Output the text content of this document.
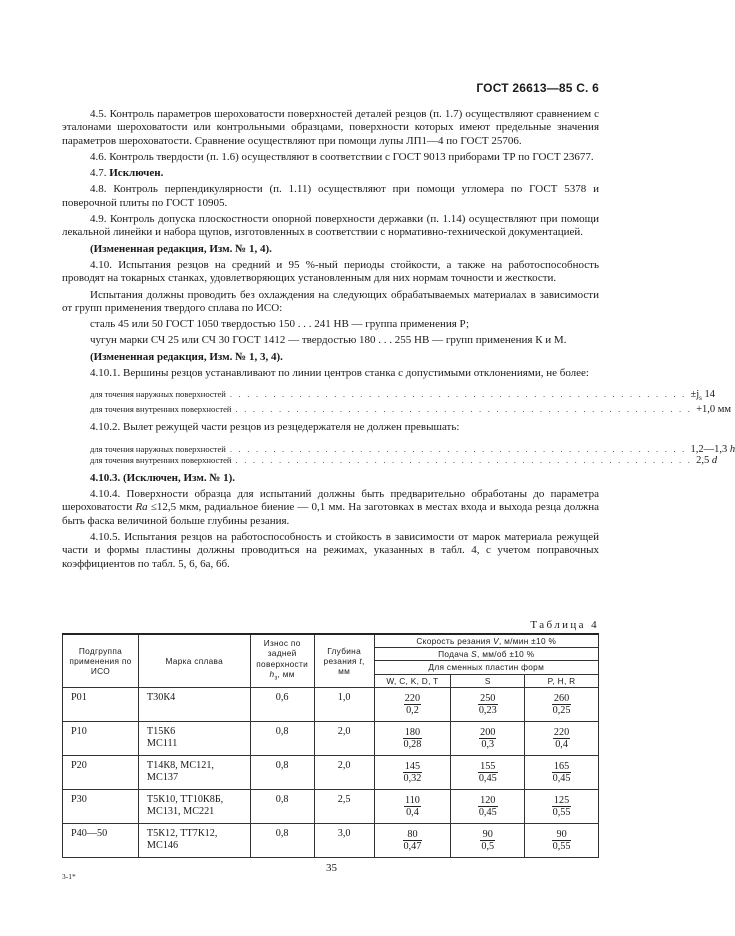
ГОСТ 26613—85 С. 6

4.5. Контроль параметров шероховатости поверхностей деталей резцов (п. 1.7) осуществляют сравнением с эталонами шероховатости или контрольными образцами, поверхности которых имеют предельные значения параметров шероховатости. Сравнение осуществляют при помощи лупы ЛП1—4 по ГОСТ 25706.

4.6. Контроль твердости (п. 1.6) осуществляют в соответствии с ГОСТ 9013 приборами ТР по ГОСТ 23677.

4.7. Исключен.

4.8. Контроль перпендикулярности (п. 1.11) осуществляют при помощи угломера по ГОСТ 5378 и поверочной плиты по ГОСТ 10905.

4.9. Контроль допуска плоскостности опорной поверхности державки (п. 1.14) осуществляют при помощи лекальной линейки и набора щупов, изготовленных в соответствии с нормативно-технической документацией.

(Измененная редакция, Изм. № 1, 4).

4.10. Испытания резцов на средний и 95 %-ный периоды стойкости, а также на работоспособность проводят на токарных станках, удовлетворяющих установленным для них нормам точности и жесткости.

Испытания должны проводить без охлаждения на следующих обрабатываемых материалах в зависимости от групп применения твердого сплава по ИСО:

сталь 45 или 50 ГОСТ 1050 твердостью 150 . . . 241 НВ — группа применения Р;

чугун марки СЧ 25 или СЧ 30 ГОСТ 1412 — твердостью 180 . . . 255 НВ — групп применения К и М.

(Измененная редакция, Изм. № 1, 3, 4).

4.10.1. Вершины резцов устанавливают по линии центров станка с допустимыми отклонениями, не более:

для точения наружных поверхностей . . . . . . . . . . . . . . . . . . . . . . . . . . . . . . . . . . . . . . . . . . . . . . . . . . . . . $\pm j_s$ 14
для точения внутренних поверхностей . . . . . . . . . . . . . . . . . . . . . . . . . . . . . . . . . . . . . . . . . . . . . . . . . . . . . +1,0 мм

4.10.2. Вылет режущей части резцов из резцедержателя не должен превышать:

для точения наружных поверхностей . . . . . . . . . . . . . . . . . . . . . . . . . . . . . . . . . . . . . . . . . . . . . . . . . . . . . 1,2—1,3 h
для точения внутренних поверхностей . . . . . . . . . . . . . . . . . . . . . . . . . . . . . . . . . . . . . . . . . . . . . . . . . . . . . 2,5 d

4.10.3. (Исключен, Изм. № 1).

4.10.4. Поверхности образца для испытаний должны быть предварительно обработаны до параметра шероховатости Ra ≤12,5 мкм, радиальное биение — 0,1 мм. На заготовках в местах входа и выхода резца должна быть фаска величиной больше глубины резания.

4.10.5. Испытания резцов на работоспособность и стойкость в зависимости от марок материала режущей части и формы пластины должны проводиться на режимах, указанных в табл. 4, с учетом поправочных коэффициентов по табл. 5, 6, 6а, 6б.

Таблица 4
Подгруппа применения по ИСО	Марка сплава	Износ по задней поверхности $h_з$, мм	Глубина резания t, мм	Скорость резания V, м/мин ±10 %		
				Подача S, мм/об ±10 %		
				Для сменных пластин форм		
				W, C, K, D, T	S	P, H, R
P01	Т30К4	0,6	1,0	$\frac{220}{0,2}$	$\frac{250}{0,23}$	$\frac{260}{0,25}$

P10	Т15К6
МС111	0,8	2,0	$\frac{180}{0,28}$	$\frac{200}{0,3}$	$\frac{220}{0,4}$

P20	Т14К8, МС121,
МС137	0,8	2,0	$\frac{145}{0,32}$	$\frac{155}{0,45}$	$\frac{165}{0,45}$

P30	Т5К10, ТТ10К8Б,
МС131, МС221	0,8	2,5	$\frac{110}{0,4}$	$\frac{120}{0,45}$	$\frac{125}{0,55}$

P40—50	Т5К12, ТТ7К12,
МС146	0,8	3,0	$\frac{80}{0,47}$	$\frac{90}{0,5}$	$\frac{90}{0,55}$
3-1*
35
